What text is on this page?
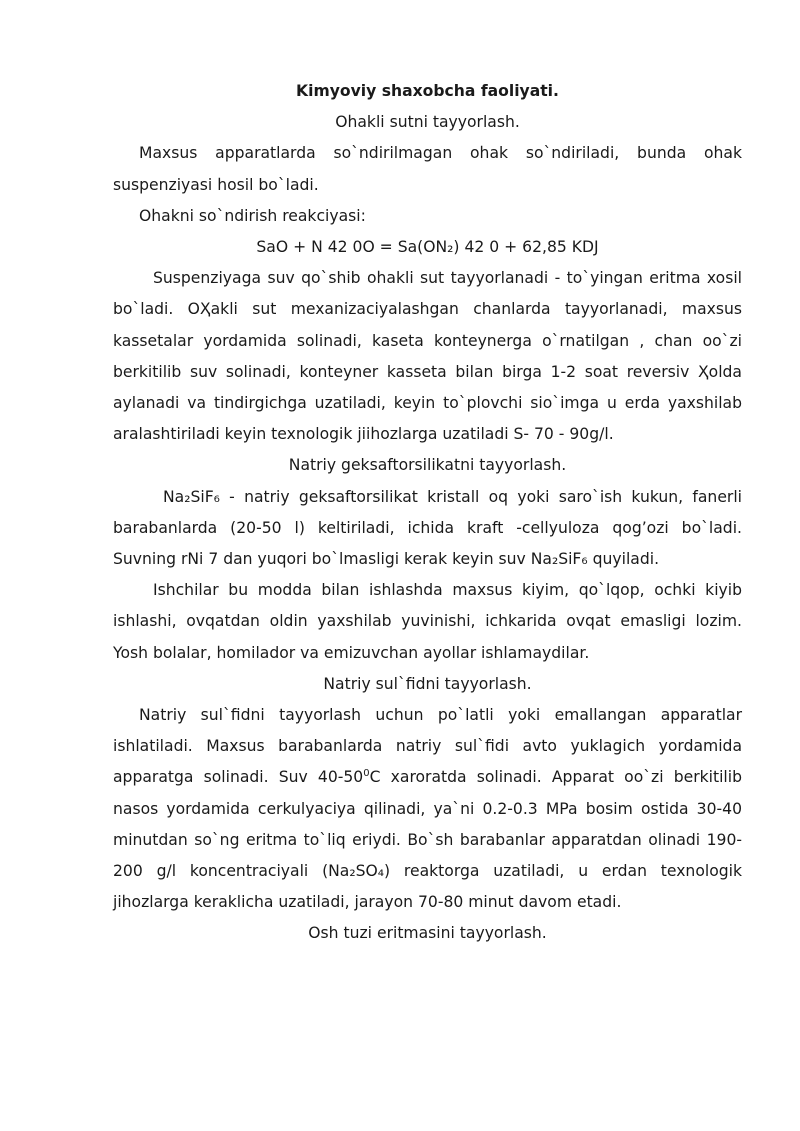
Kimyoviy shaxobcha faoliyati.
Oһakli sutni tayyorlash.

Maxsus apparatlarda so`ndirilmagan oһak so`ndiriladi, bunda oһak suspenziyasi һosil bo`ladi.

Oһakni so`ndirish reakciyasi:

SaO + N 42 0O = Sa(ON₂) 42 0 + 62,85 KDJ

Suspenziyaga suv qo`shib oһakli sut tayyorlanadi - to`yingan eritma xosil bo`ladi. OҲakli sut mexanizaciyalashgan chanlarda tayyorlanadi, maxsus kassetalar yordamida solinadi, kaseta konteynerga o`rnatilgan , chan oo`zi berkitilib suv solinadi, konteyner kasseta bilan birga 1-2 soat reversiv Ҳolda aylanadi va tindirgichga uzatiladi, keyin to`plovchi sio`imga u erda yaxshilab aralashtiriladi keyin texnologik jiiһozlarga uzatiladi S- 70 - 90g/l.

Natriy geksaftorsilikatni tayyorlash.

Na₂SiF₆ - natriy geksaftorsilikat kristall oq yoki saro`ish kukun, fanerli barabanlarda (20-50 l) keltiriladi, ichida kraft -cellyuloza qog’ozi bo`ladi. Suvning rNi 7 dan yuqori bo`lmasligi kerak keyin suv Na₂SiF₆ quyiladi.

Ishchilar bu modda bilan ishlashda maxsus kiyim, qo`lqop, ochki kiyib ishlashi, ovqatdan oldin yaxshilab yuvinishi, ichkarida ovqat emasligi lozim. Yosh bolalar, һomilador va emizuvchan ayollar ishlamaydilar.

Natriy sul`fidni tayyorlash.

Natriy sul`fidni tayyorlash uchun po`latli yoki emallangan apparatlar ishlatiladi. Maxsus barabanlarda natriy sul`fidi avto yuklagich yordamida apparatga solinadi. Suv $40-50^0C$ xaroratda solinadi. Apparat oo`zi berkitilib nasos yordamida cerkulyaciya qilinadi, ya`ni 0.2-0.3 MPa bosim ostida 30-40 minutdan so`ng eritma to`liq eriydi. Bo`sh barabanlar apparatdan olinadi 190-200 g/l koncentraciyali (Na₂SO₄) reaktorga uzatiladi, u erdan texnologik jiһozlarga keraklicha uzatiladi, jarayon 70-80 minut davom etadi.

Osh tuzi eritmasini tayyorlash.
